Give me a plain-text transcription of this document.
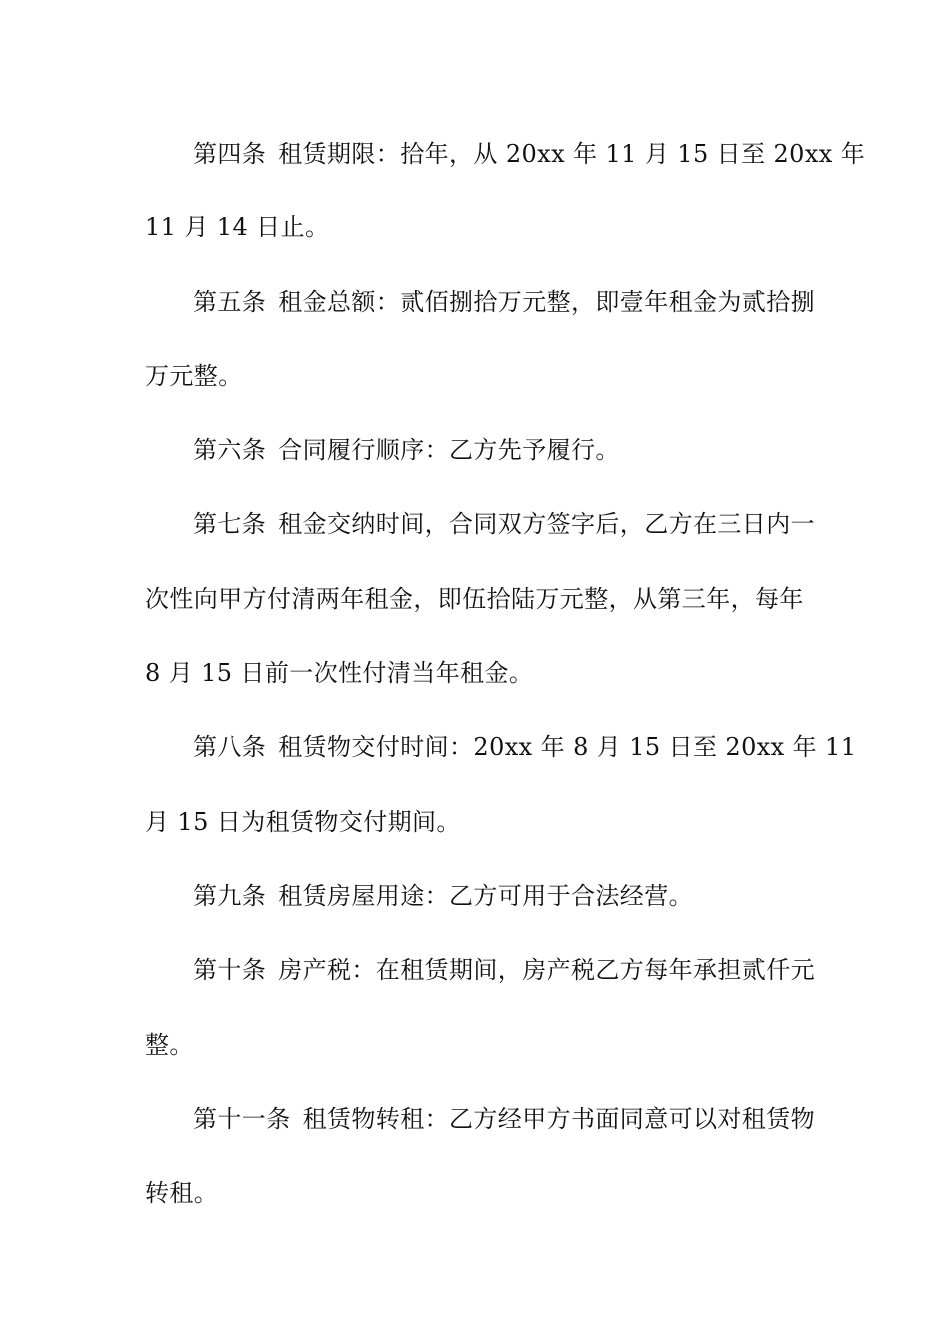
第四条 租赁期限：拾年，从 20xx 年 11 月 15 日至 20xx 年
11 月 14 日止。
第五条 租金总额：贰佰捌拾万元整，即壹年租金为贰拾捌
万元整。
第六条 合同履行顺序：乙方先予履行。
第七条 租金交纳时间，合同双方签字后，乙方在三日内一
次性向甲方付清两年租金，即伍拾陆万元整，从第三年，每年
8 月 15 日前一次性付清当年租金。
第八条 租赁物交付时间：20xx 年 8 月 15 日至 20xx 年 11
月 15 日为租赁物交付期间。
第九条 租赁房屋用途：乙方可用于合法经营。
第十条 房产税：在租赁期间，房产税乙方每年承担贰仟元
整。
第十一条 租赁物转租：乙方经甲方书面同意可以对租赁物
转租。
